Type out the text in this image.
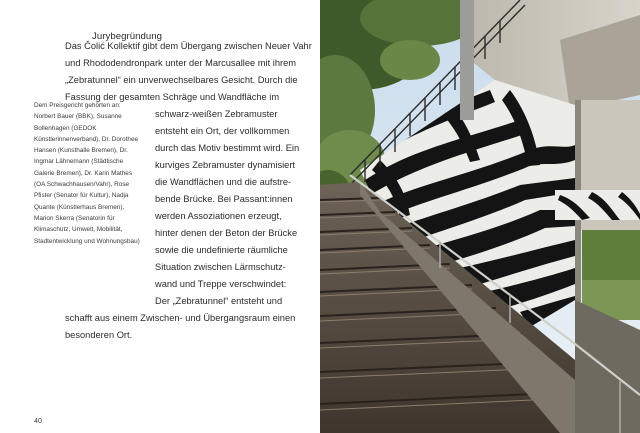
Jurybegründung
Das Čolić Kollektif gibt dem Übergang zwischen Neuer Vahr
und Rhododendronpark unter der Marcusallee mit ihrem
„Zebratunnel“ ein unverwechselbares Gesicht. Durch die
Fassung der gesamten Schräge und Wandfläche im
schwarz-weißen Zebramuster
entsteht ein Ort, der vollkommen
durch das Motiv bestimmt wird. Ein
kurviges Zebramuster dynamisiert
die Wandflächen und die aufstre-
bende Brücke. Bei Passant:innen
werden Assoziationen erzeugt,
hinter denen der Beton der Brücke
sowie die undefinierte räumliche
Situation zwischen Lärmschutz-
wand und Treppe verschwindet:
Der „Zebratunnel“ entsteht und
schafft aus einem Zwischen- und Übergangsraum einen
besonderen Ort.
Dem Preisgericht gehörten an:
Norbert Bauer (BBK), Susanne
Bollenhagen (GEDOK
Künstlerinnenverband), Dr. Dorothee
Hansen (Kunsthalle Bremen), Dr.
Ingmar Lähnemann (Städtische
Galerie Bremen), Dr. Karin Mathes
(OA Schwachhausen/Vahr), Rose
Pfister (Senator für Kultur), Nadja
Quante (Künstlerhaus Bremen),
Marion Skerra (Senatorin für
Klimaschutz, Umwelt, Mobilität,
Stadtentwicklung und Wohnungsbau)
40
